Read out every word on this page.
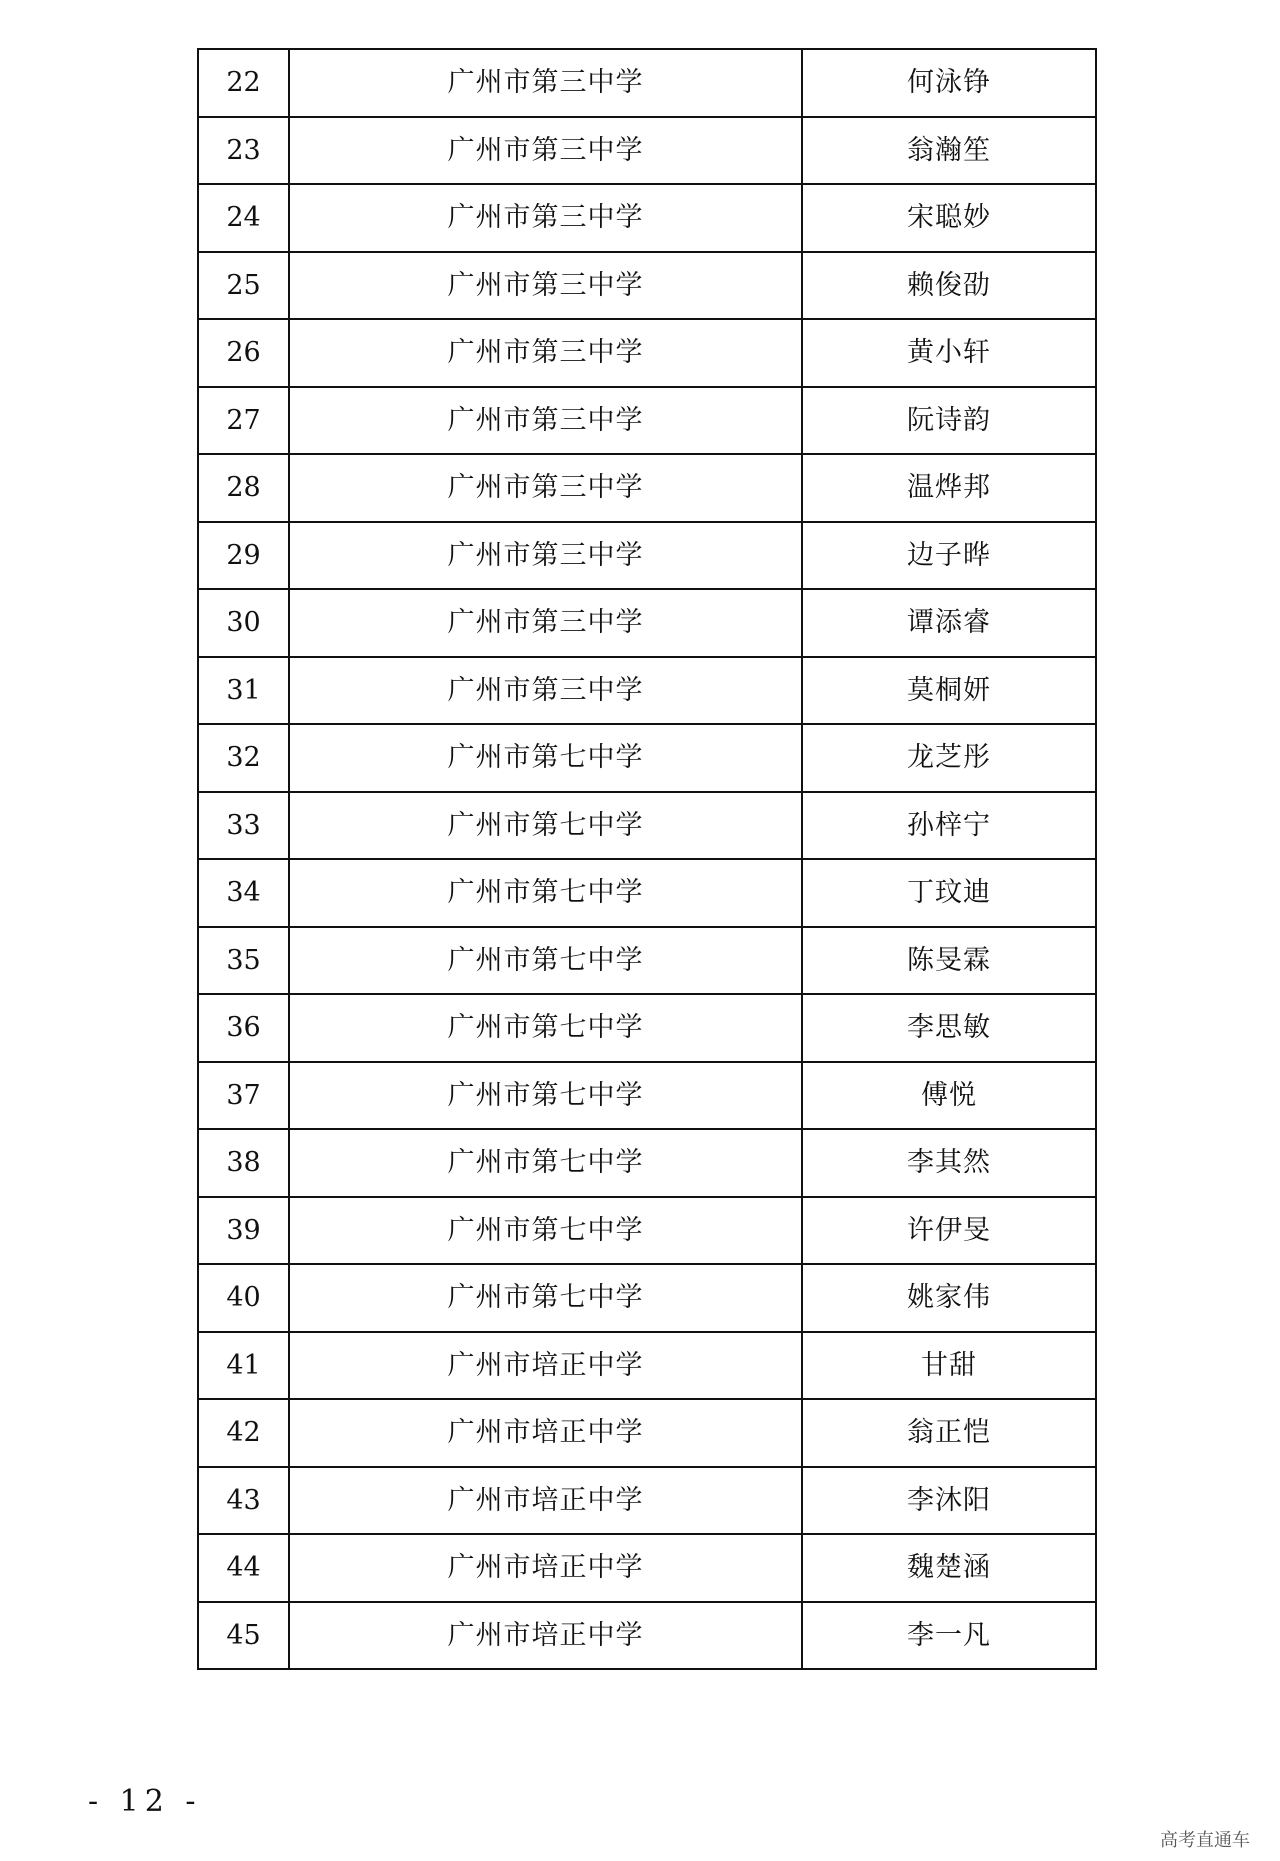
22	广州市第三中学	何泳铮
23	广州市第三中学	翁瀚笙
24	广州市第三中学	宋聪妙
25	广州市第三中学	赖俊劭
26	广州市第三中学	黄小轩
27	广州市第三中学	阮诗韵
28	广州市第三中学	温烨邦
29	广州市第三中学	边子晔
30	广州市第三中学	谭添睿
31	广州市第三中学	莫桐妍
32	广州市第七中学	龙芝彤
33	广州市第七中学	孙梓宁
34	广州市第七中学	丁玟迪
35	广州市第七中学	陈旻霖
36	广州市第七中学	李思敏
37	广州市第七中学	傅悦
38	广州市第七中学	李其然
39	广州市第七中学	许伊旻
40	广州市第七中学	姚家伟
41	广州市培正中学	甘甜
42	广州市培正中学	翁正恺
43	广州市培正中学	李沐阳
44	广州市培正中学	魏楚涵
45	广州市培正中学	李一凡
- 12 -
高考直通车
